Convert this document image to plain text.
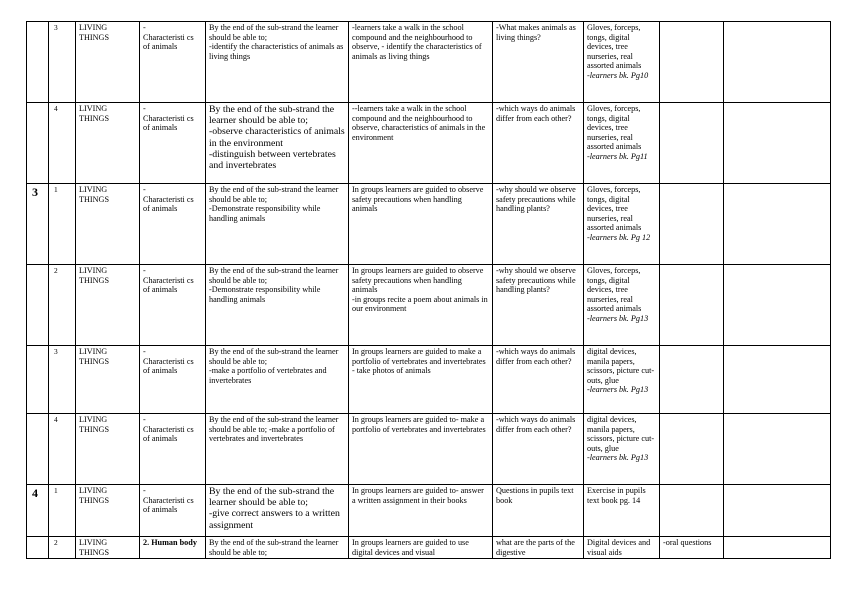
	3	LIVING THINGS	-
Characteristi cs of animals	By the end of the sub-strand the learner should be able to;
-identify the characteristics of animals as living things	-learners take a walk in the school compound and the neighbourhood to observe, - identify the characteristics of animals as living things	-What makes animals as living things?	Gloves, forceps, tongs, digital devices, tree nurseries, real assorted animals
-learners bk. Pg10		

	4	LIVING THINGS	-
Characteristi cs of animals	By the end of the sub-strand the learner should be able to;
-observe characteristics of animals in the environment
-distinguish between vertebrates and invertebrates	--learners take a walk in the school compound and the neighbourhood to observe, characteristics of animals in the environment	-which ways do animals differ from each other?	Gloves, forceps, tongs, digital devices, tree nurseries, real assorted animals
-learners bk. Pg11		

3	1	LIVING THINGS	-
Characteristi cs of animals	By the end of the sub-strand the learner should be able to;
-Demonstrate responsibility while handling animals	In groups learners are guided to observe safety precautions when handling animals	-why should we observe safety precautions while handling plants?	Gloves, forceps, tongs, digital devices, tree nurseries, real assorted animals
-learners bk. Pg 12		

	2	LIVING THINGS	-
Characteristi cs of animals	By the end of the sub-strand the learner should be able to;
-Demonstrate responsibility while handling animals	In groups learners are guided to observe safety precautions when handling animals
-in groups recite a poem about animals in our environment	-why should we observe safety precautions while handling plants?	Gloves, forceps, tongs, digital devices, tree nurseries, real assorted animals
-learners bk. Pg13		

	3	LIVING THINGS	-
Characteristi cs of animals	By the end of the sub-strand the learner should be able to;
-make a portfolio of vertebrates and invertebrates	In groups learners are guided to make a portfolio of vertebrates and invertebrates
- take photos of animals	-which ways do animals differ from each other?	digital devices, manila papers, scissors, picture cut-outs, glue
-learners bk. Pg13		

	4	LIVING THINGS	-
Characteristi cs of animals	By the end of the sub-strand the learner should be able to; -make a portfolio of vertebrates and invertebrates	In groups learners are guided to- make a portfolio of vertebrates and invertebrates	-which ways do animals differ from each other?	digital devices, manila papers, scissors, picture cut-outs, glue
-learners bk. Pg13		

4	1	LIVING THINGS	-
Characteristi cs of animals	By the end of the sub-strand the learner should be able to;
-give correct answers to a written assignment	In groups learners are guided to- answer a written assignment in their books	Questions in pupils text book	Exercise in pupils text book pg. 14		

	2	LIVING THINGS	2. Human body	By the end of the sub-strand the learner should be able to;	In groups learners are guided to use digital devices and visual	what are the parts of the digestive	Digital devices and visual aids	-oral questions	
